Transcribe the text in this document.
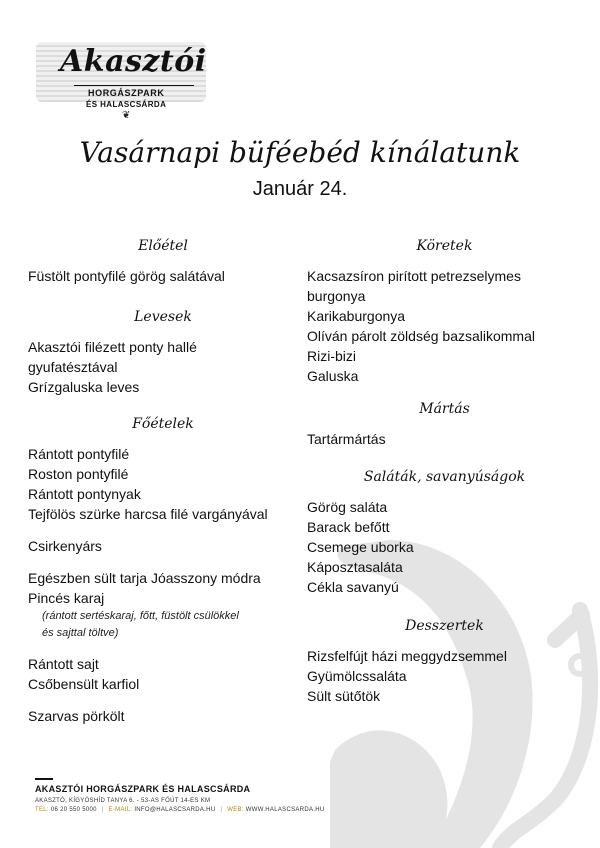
Akasztói
HORGÁSZPARK
ÉS HALASCSÁRDA
❦
Vasárnapi büféebéd kínálatunk
Január 24.
Előétel
Füstölt pontyfilé görög salátával
Levesek
Akasztói filézett ponty hallé
gyufatésztával
Grízgaluska leves
Főételek
Rántott pontyfilé
Roston pontyfilé
Rántott pontynyak
Tejfölös szürke harcsa filé vargányával
Csirkenyárs
Egészben sült tarja Jóasszony módra
Pincés karaj
(rántott sertéskaraj, főtt, füstölt csülökkel
és sajttal töltve)
Rántott sajt
Csőbensült karfiol
Szarvas pörkölt
Köretek
Kacsazsíron pirított petrezselymes
burgonya
Karikaburgonya
Olíván párolt zöldség bazsalikommal
Rizi-bizi
Galuska
Mártás
Tartármártás
Saláták, savanyúságok
Görög saláta
Barack befőtt
Csemege uborka
Káposztasaláta
Cékla savanyú
Desszertek
Rizsfelfújt házi meggydzsemmel
Gyümölcssaláta
Sült sütőtök
AKASZTÓI HORGÁSZPARK ÉS HALASCSÁRDA
AKASZTÓ, KÍGYÓSHÍD TANYA 6. - 53-AS FŐÚT 14-ES KM
TEL: 06 20 550 5000 | E-MAIL: INFO@HALASCSARDA.HU | WEB: WWW.HALASCSARDA.HU
